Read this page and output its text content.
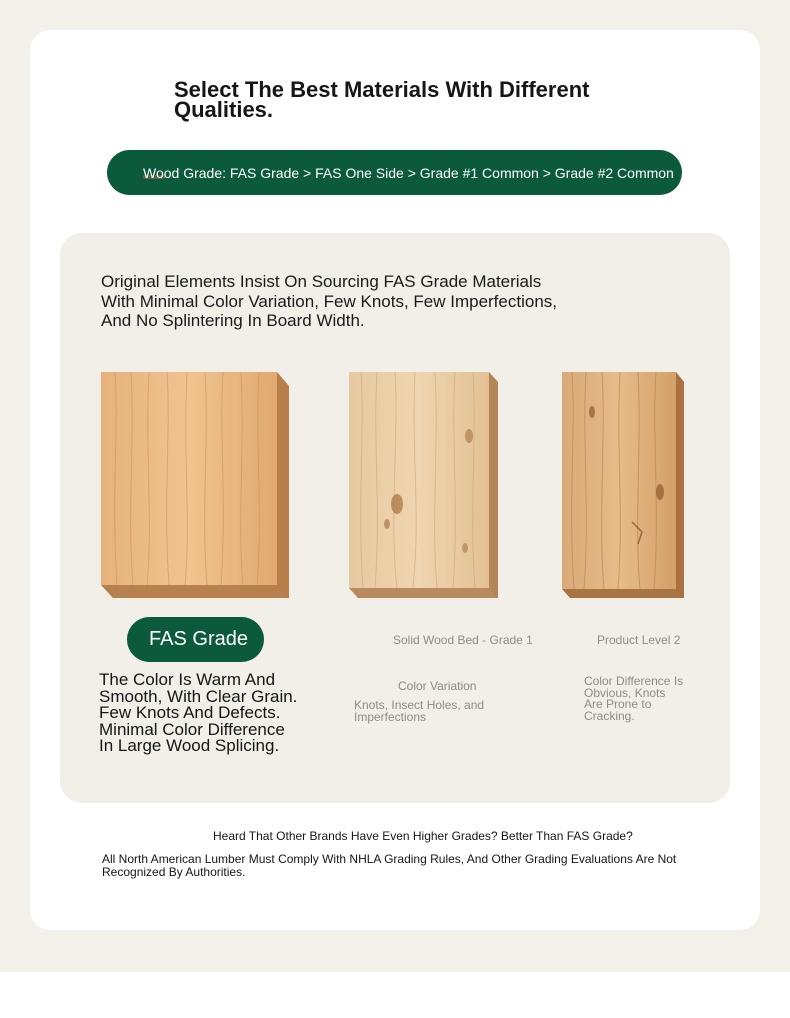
Select The Best Materials With Different Qualities.
Wood Grade: FAS Grade > FAS One Side > Grade #1 Common > Grade #2 Common

Original Elements Insist On Sourcing FAS Grade Materials With Minimal Color Variation, Few Knots, Few Imperfections, And No Splintering In Board Width.

FAS Grade

The Color Is Warm And Smooth, With Clear Grain. Few Knots And Defects. Minimal Color Difference In Large Wood Splicing.

Solid Wood Bed - Grade 1	Product Level 2
Color Variation
Knots, Insect Holes, and Imperfections
Color Difference Is Obvious, Knots Are Prone to Cracking.
Heard That Other Brands Have Even Higher Grades? Better Than FAS Grade?
All North American Lumber Must Comply With NHLA Grading Rules, And Other Grading Evaluations Are Not Recognized By Authorities.
